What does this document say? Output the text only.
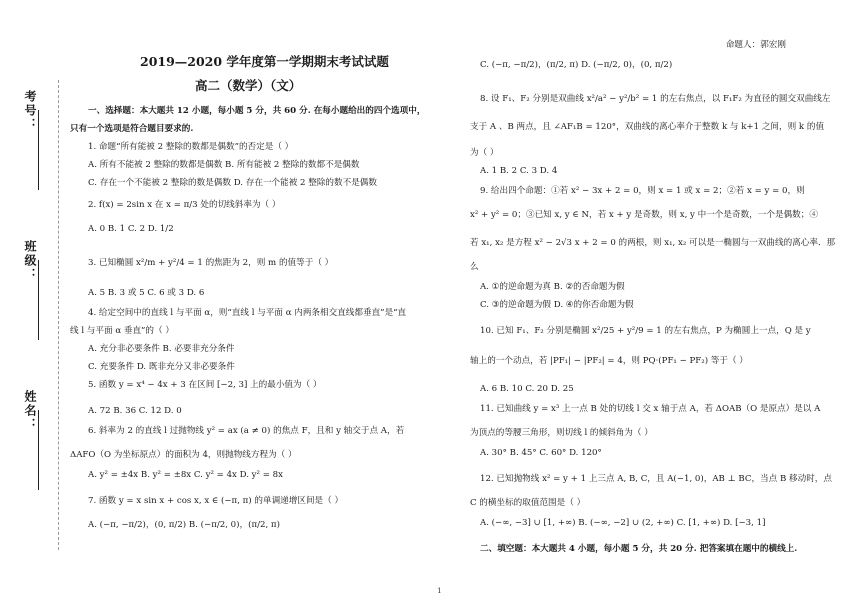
命题人：郭宏刚
考号：
班级：
姓名：
2019—2020 学年度第一学期期末考试试题
高二（数学）（文）
一、选择题：本大题共 12 小题，每小题 5 分，共 60 分. 在每小题给出的四个选项中，
只有一个选项是符合题目要求的.
1. 命题“所有能被 2 整除的数都是偶数”的否定是（ ）
A. 所有不能被 2 整除的数都是偶数 B. 所有能被 2 整除的数都不是偶数
C. 存在一个不能被 2 整除的数是偶数 D. 存在一个能被 2 整除的数不是偶数
2. f(x) = 2sin x 在 x = π/3 处的切线斜率为（ ）
A. 0 B. 1 C. 2 D. 1/2
3. 已知椭圆 x²/m + y²/4 = 1 的焦距为 2，则 m 的值等于（ ）
A. 5 B. 3 或 5 C. 6 或 3 D. 6
4. 给定空间中的直线 l 与平面 α，则“直线 l 与平面 α 内两条相交直线都垂直”是“直
线 l 与平面 α 垂直”的（ ）
A. 充分非必要条件 B. 必要非充分条件
C. 充要条件 D. 既非充分又非必要条件
5. 函数 y = x⁴ − 4x + 3 在区间 [−2, 3] 上的最小值为（ ）
A. 72 B. 36 C. 12 D. 0
6. 斜率为 2 的直线 l 过抛物线 y² = ax (a ≠ 0) 的焦点 F，且和 y 轴交于点 A，若
ΔAFO（O 为坐标原点）的面积为 4，则抛物线方程为（ ）
A. y² = ±4x B. y² = ±8x C. y² = 4x D. y² = 8x
7. 函数 y = x sin x + cos x, x ∈ (−π, π) 的单调递增区间是（ ）
A. (−π, −π/2)，(0, π/2) B. (−π/2, 0)，(π/2, π)
C. (−π, −π/2)，(π/2, π) D. (−π/2, 0)，(0, π/2)
8. 设 F₁、F₂ 分别是双曲线 x²/a² − y²/b² = 1 的左右焦点，以 F₁F₂ 为直径的圆交双曲线左
支于 A 、B 两点，且 ∠AF₁B = 120°，双曲线的离心率介于整数 k 与 k+1 之间，则 k 的值
为（ ）
A. 1 B. 2 C. 3 D. 4
9. 给出四个命题：①若 x² − 3x + 2 = 0，则 x = 1 或 x = 2；②若 x = y = 0，则
x² + y² = 0；③已知 x, y ∈ N，若 x + y 是奇数，则 x, y 中一个是奇数，一个是偶数；④
若 x₁, x₂ 是方程 x² − 2√3 x + 2 = 0 的两根，则 x₁, x₂ 可以是一椭圆与一双曲线的离心率．那
么
A. ①的逆命题为真 B. ②的否命题为假
C. ③的逆命题为假 D. ④的你否命题为假
10. 已知 F₁、F₂ 分别是椭圆 x²/25 + y²/9 = 1 的左右焦点，P 为椭圆上一点，Q 是 y
轴上的一个动点，若 |PF₁| − |PF₂| = 4，则 PQ·(PF₁ − PF₂) 等于（ ）
A. 6 B. 10 C. 20 D. 25
11. 已知曲线 y = x³ 上一点 B 处的切线 l 交 x 轴于点 A，若 ΔOAB（O 是原点）是以 A
为顶点的等腰三角形，则切线 l 的倾斜角为（ ）
A. 30° B. 45° C. 60° D. 120°
12. 已知抛物线 x² = y + 1 上三点 A, B, C，且 A(−1, 0)，AB ⊥ BC，当点 B 移动时，点
C 的横坐标的取值范围是（ ）
A. (−∞, −3] ∪ [1, +∞) B. (−∞, −2] ∪ (2, +∞) C. [1, +∞) D. [−3, 1]
二、填空题：本大题共 4 小题，每小题 5 分，共 20 分. 把答案填在题中的横线上.
1
